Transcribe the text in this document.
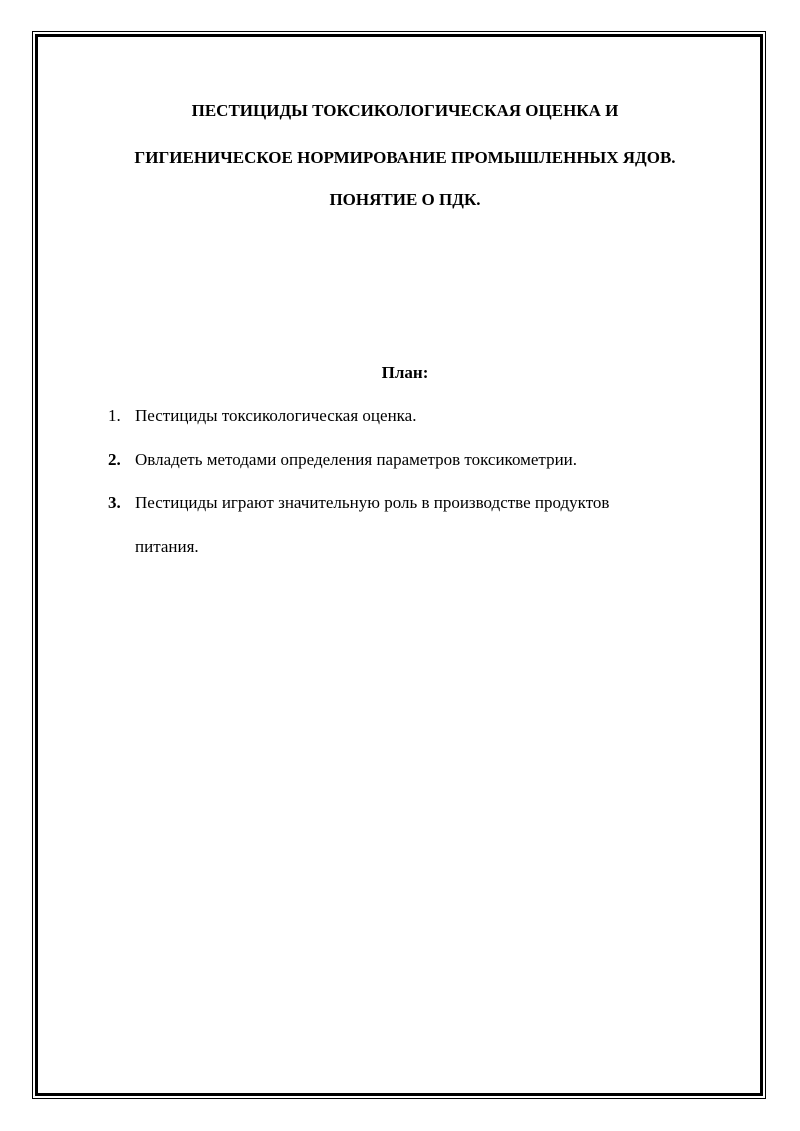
ПЕСТИЦИДЫ ТОКСИКОЛОГИЧЕСКАЯ ОЦЕНКА И
ГИГИЕНИЧЕСКОЕ НОРМИРОВАНИЕ ПРОМЫШЛЕННЫХ ЯДОВ.
ПОНЯТИЕ О ПДК.
План:
1. Пестициды токсикологическая оценка.
2. Овладеть методами определения параметров токсикометрии.
3. Пестициды играют значительную роль в производстве продуктов
питания.
